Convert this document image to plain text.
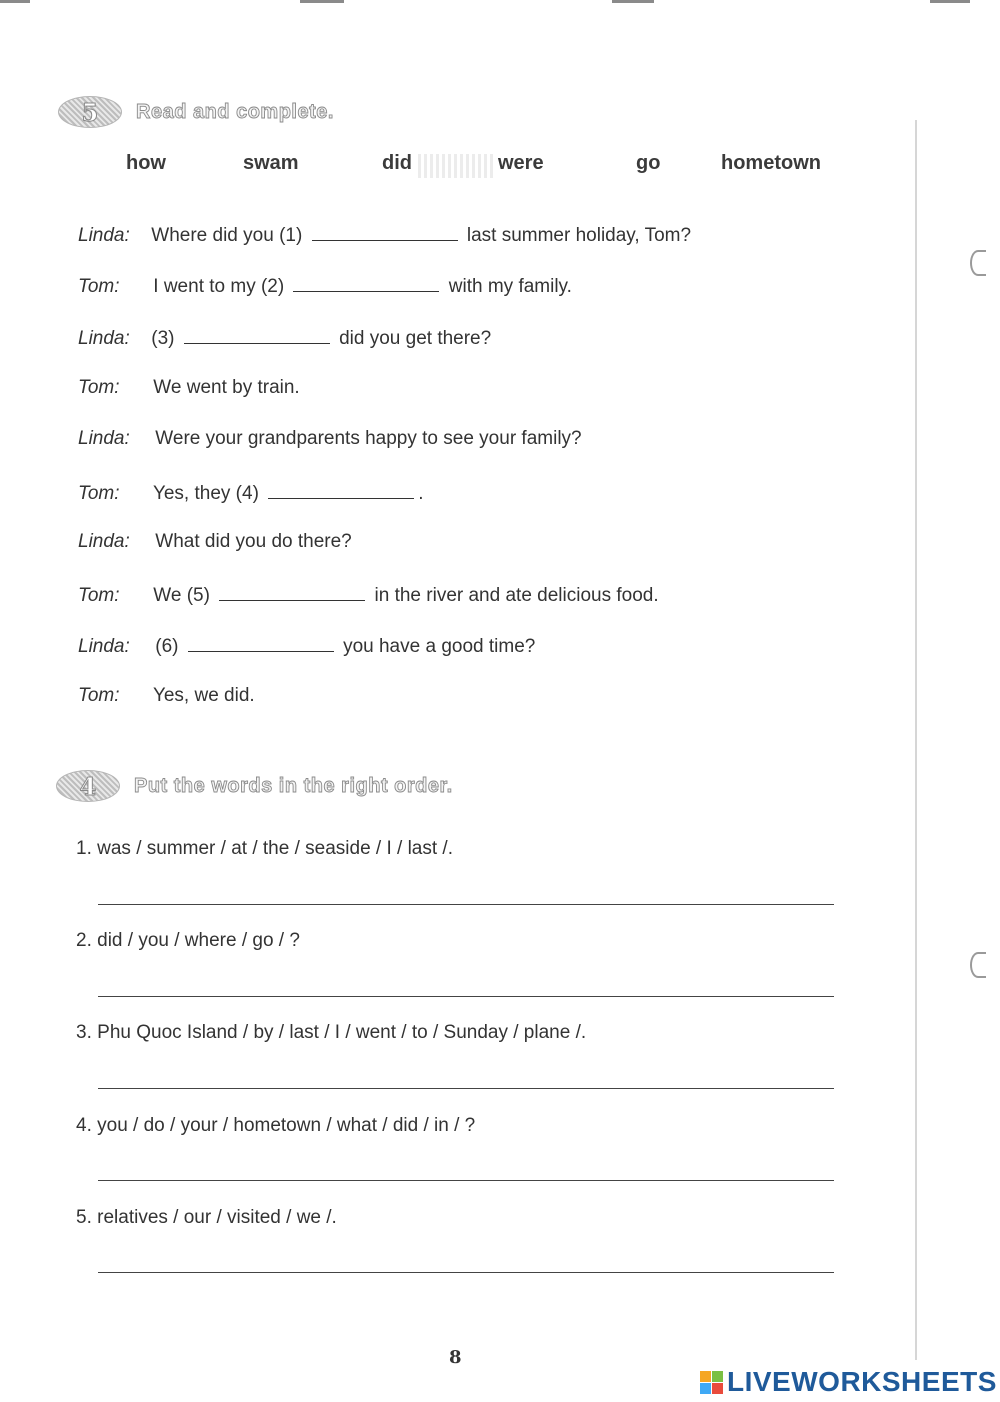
5 Read and complete.
how	swam	did	were	go	hometown
Linda: Where did you (1)	last summer holiday, Tom?
Tom: I went to my (2)	with my family.
Linda: (3)	did you get there?
Tom: We went by train.
Linda: Were your grandparents happy to see your family?
Tom: Yes, they (4)	.
Linda: What did you do there?
Tom: We (5)	in the river and ate delicious food.
Linda: (6)	you have a good time?
Tom: Yes, we did.
4 Put the words in the right order.
1. was / summer / at / the / seaside / I / last /.
2. did / you / where / go / ?
3. Phu Quoc Island / by / last / I / went / to / Sunday / plane /.
4. you / do / your / hometown / what / did / in / ?
5. relatives / our / visited / we /.
8
LIVEWORKSHEETS
